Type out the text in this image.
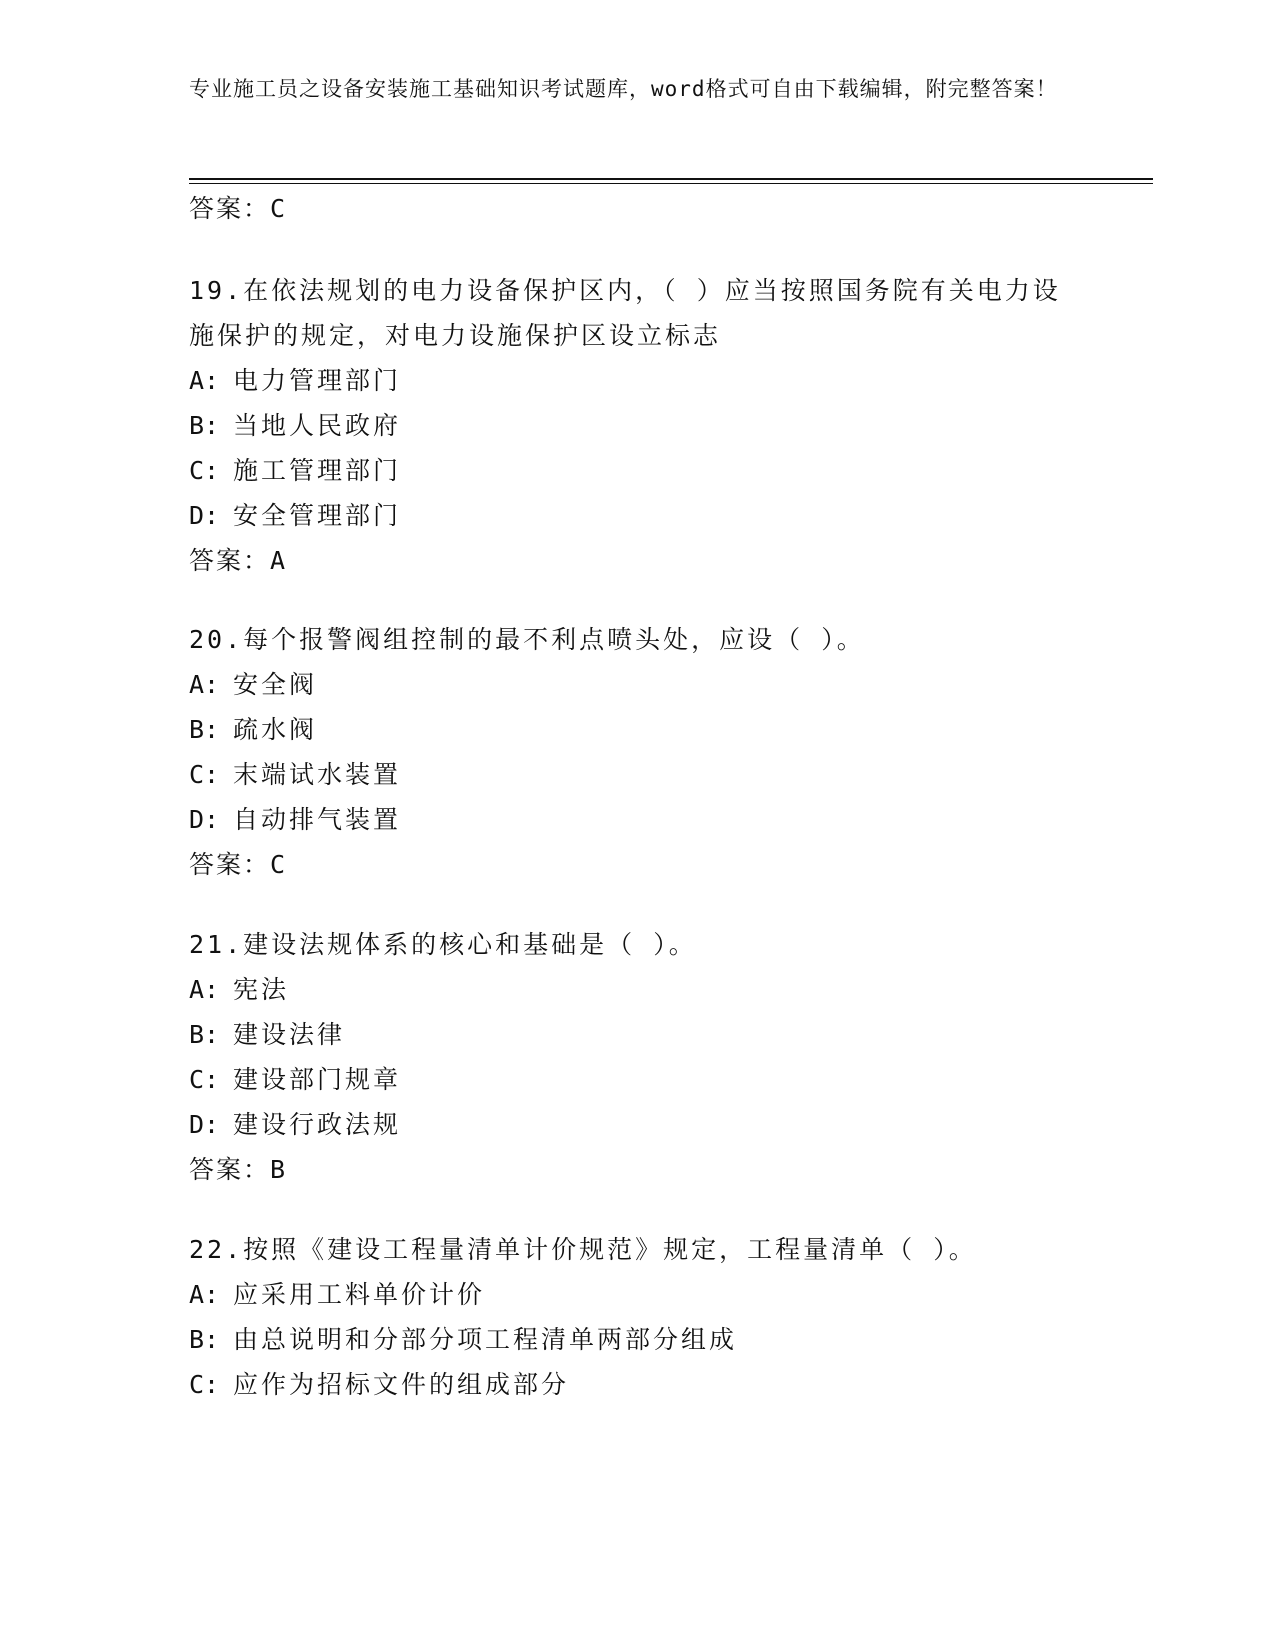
专业施工员之设备安装施工基础知识考试题库，word格式可自由下载编辑，附完整答案！
答案：C

19.在依法规划的电力设备保护区内，（ ）应当按照国务院有关电力设施保护的规定，对电力设施保护区设立标志

A: 电力管理部门
B: 当地人民政府
C: 施工管理部门
D: 安全管理部门
答案：A

20.每个报警阀组控制的最不利点喷头处，应设（ ）。

A: 安全阀
B: 疏水阀
C: 末端试水装置
D: 自动排气装置
答案：C

21.建设法规体系的核心和基础是（ ）。

A: 宪法
B: 建设法律
C: 建设部门规章
D: 建设行政法规
答案：B

22.按照《建设工程量清单计价规范》规定，工程量清单（ ）。

A: 应采用工料单价计价
B: 由总说明和分部分项工程清单两部分组成
C: 应作为招标文件的组成部分
